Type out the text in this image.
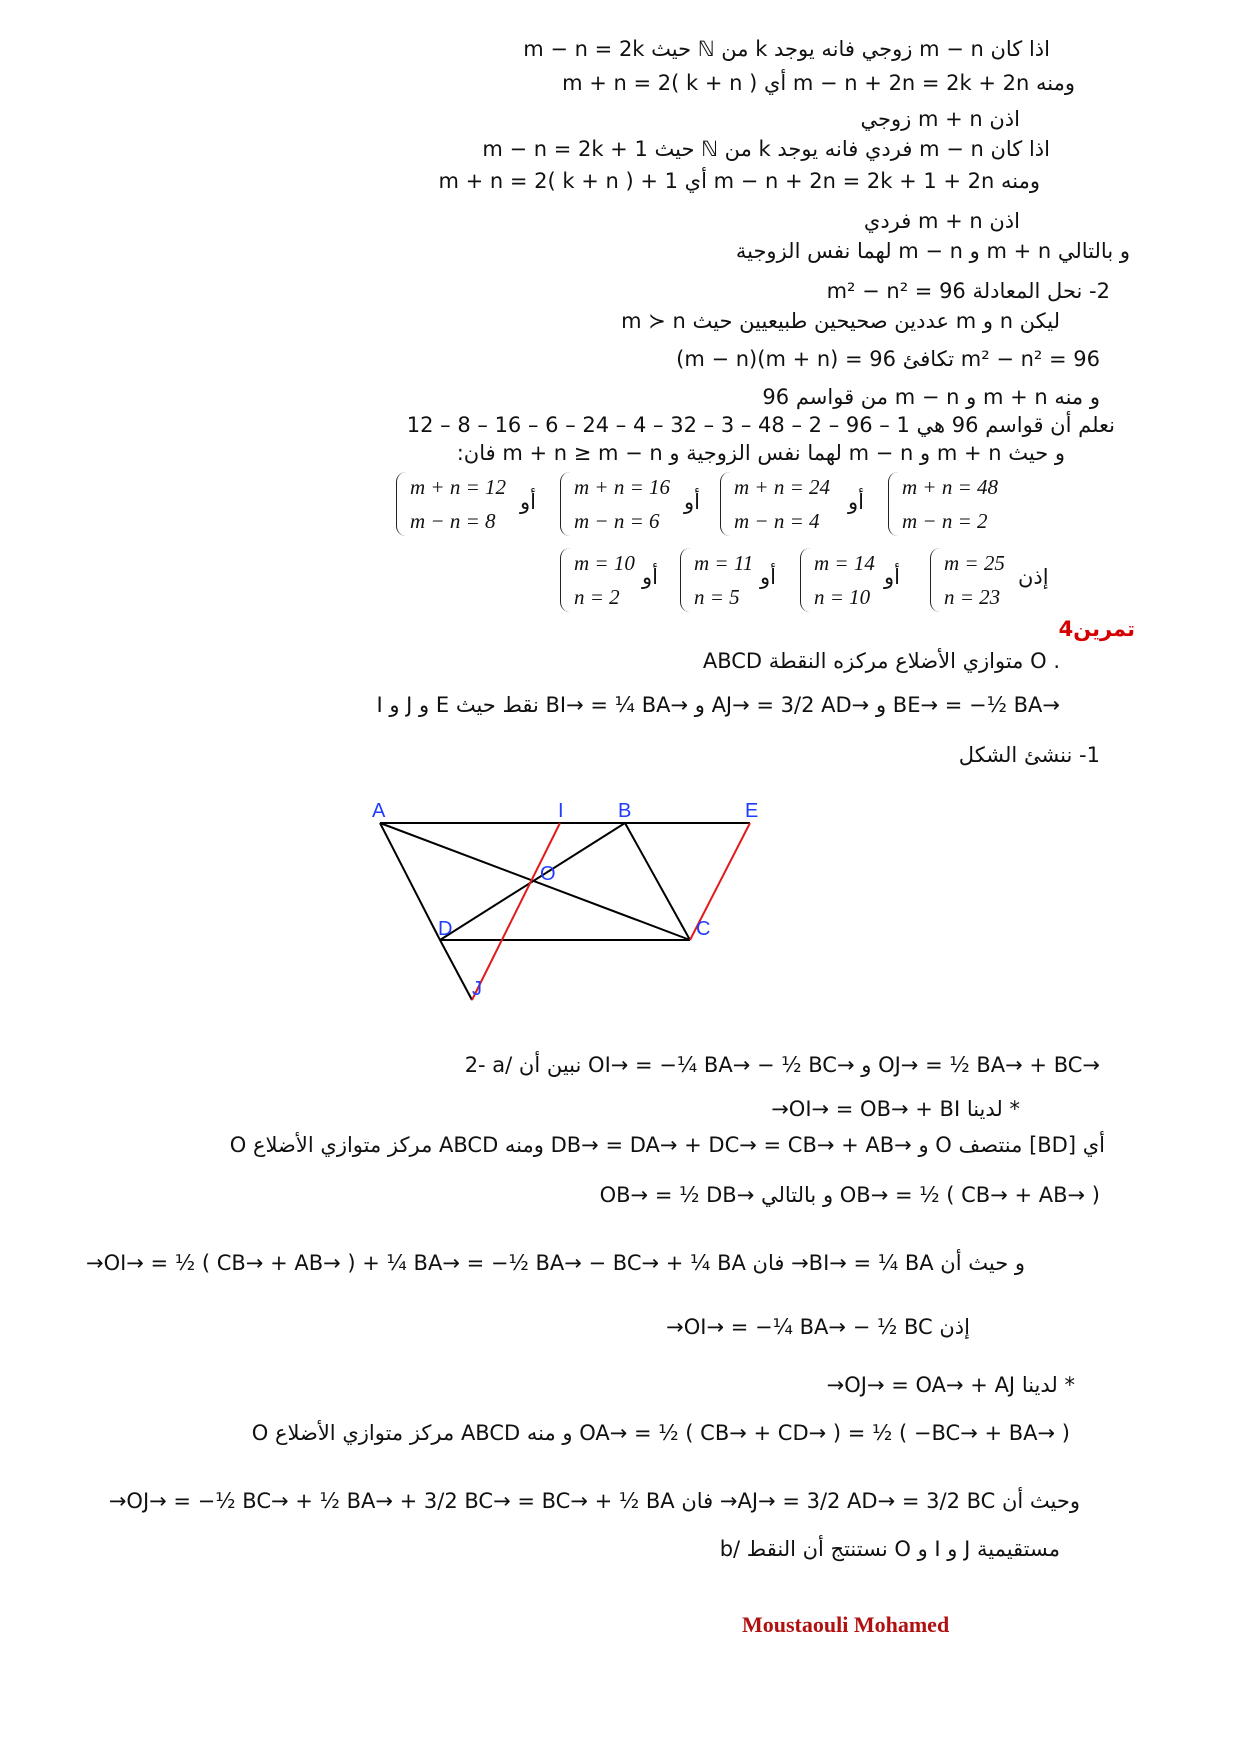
اذا كان m − n زوجي فانه يوجد k من ℕ حيث m − n = 2k
ومنه m − n + 2n = 2k + 2n أي m + n = 2( k + n )
اذن m + n زوجي
اذا كان m − n فردي فانه يوجد k من ℕ حيث m − n = 2k + 1
ومنه m − n + 2n = 2k + 1 + 2n أي m + n = 2( k + n ) + 1
اذن m + n فردي
و بالتالي m + n و m − n لهما نفس الزوجية
2- نحل المعادلة m² − n² = 96
ليكن n و m عددين صحيحين طبيعيين حيث m ≻ n
(m − n)(m + n) = 96 تكافئ m² − n² = 96
و منه m + n و m − n من قواسم 96
نعلم أن قواسم 96 هي 1 – 96 – 2 – 48 – 3 – 32 – 4 – 24 – 6 – 16 – 8 – 12
و حيث m + n و m − n لهما نفس الزوجية و m + n ≥ m − n فان:
m + n = 48
m − n = 2
أو
m + n = 24
m − n = 4
أو
m + n = 16
m − n = 6
أو
m + n = 12
m − n = 8
إذن
m = 25
n = 23
أو
m = 14
n = 10
أو
m = 11
n = 5
أو
m = 10
n = 2
تمرين4
ABCD متوازي الأضلاع مركزه النقطة O .
I و J و E نقط حيث BI→ = ¼ BA→ و AJ→ = 3/2 AD→ و BE→ = −½ BA→
1- ننشئ الشكل
A	I	B	E
O
D	C
J
2- a/ نبين أن OI→ = −¼ BA→ − ½ BC→ و OJ→ = ½ BA→ + BC→
* لدينا OI→ = OB→ + BI→
O مركز متوازي الأضلاع ABCD ومنه DB→ = DA→ + DC→ = CB→ + AB→ و O منتصف [BD] أي
OB→ = ½ DB→ و بالتالي OB→ = ½ ( CB→ + AB→ )
و حيث أن BI→ = ¼ BA→ فان OI→ = ½ ( CB→ + AB→ ) + ¼ BA→ = −½ BA→ − BC→ + ¼ BA→
إذن OI→ = −¼ BA→ − ½ BC→
* لدينا OJ→ = OA→ + AJ→
O مركز متوازي الأضلاع ABCD و منه OA→ = ½ ( CB→ + CD→ ) = ½ ( −BC→ + BA→ )
وحيث أن AJ→ = 3/2 AD→ = 3/2 BC→ فان OJ→ = −½ BC→ + ½ BA→ + 3/2 BC→ = BC→ + ½ BA→
b/ نستنتج أن النقط O و I و J مستقيمية
Moustaouli Mohamed
